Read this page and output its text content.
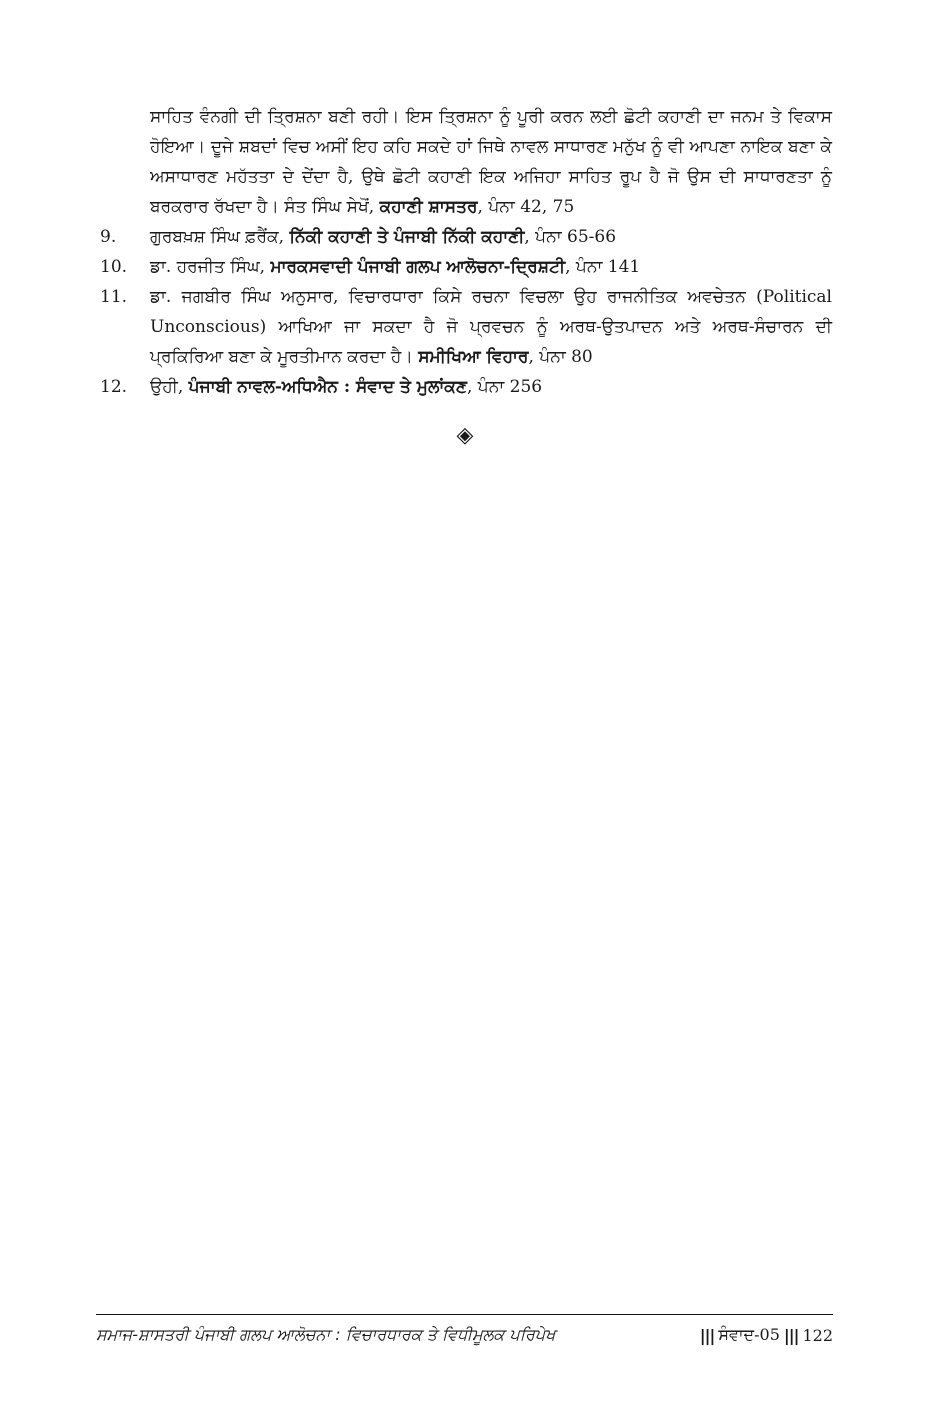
ਸਾਹਿਤ ਵੰਨਗੀ ਦੀ ਤ੍ਰਿਸ਼ਨਾ ਬਣੀ ਰਹੀ। ਇਸ ਤ੍ਰਿਸ਼ਨਾ ਨੂੰ ਪੂਰੀ ਕਰਨ ਲਈ ਛੋਟੀ ਕਹਾਣੀ ਦਾ ਜਨਮ ਤੇ ਵਿਕਾਸ ਹੋਇਆ। ਦੂਜੇ ਸ਼ਬਦਾਂ ਵਿਚ ਅਸੀਂ ਇਹ ਕਹਿ ਸਕਦੇ ਹਾਂ ਜਿਥੇ ਨਾਵਲ ਸਾਧਾਰਣ ਮਨੁੱਖ ਨੂੰ ਵੀ ਆਪਣਾ ਨਾਇਕ ਬਣਾ ਕੇ ਅਸਾਧਾਰਣ ਮਹੱਤਤਾ ਦੇ ਦੇਂਦਾ ਹੈ, ਉਥੇ ਛੋਟੀ ਕਹਾਣੀ ਇਕ ਅਜਿਹਾ ਸਾਹਿਤ ਰੂਪ ਹੈ ਜੋ ਉਸ ਦੀ ਸਾਧਾਰਣਤਾ ਨੂੰ ਬਰਕਰਾਰ ਰੱਖਦਾ ਹੈ। ਸੰਤ ਸਿੰਘ ਸੇਖੋਂ, ਕਹਾਣੀ ਸ਼ਾਸਤਰ, ਪੰਨਾ 42, 75
9.	ਗੁਰਬਖ਼ਸ਼ ਸਿੰਘ ਫ਼ਰੈਂਕ, ਨਿੱਕੀ ਕਹਾਣੀ ਤੇ ਪੰਜਾਬੀ ਨਿੱਕੀ ਕਹਾਣੀ, ਪੰਨਾ 65-66
10.	ਡਾ. ਹਰਜੀਤ ਸਿੰਘ, ਮਾਰਕਸਵਾਦੀ ਪੰਜਾਬੀ ਗਲਪ ਆਲੋਚਨਾ-ਦ੍ਰਿਸ਼ਟੀ, ਪੰਨਾ 141
11.	ਡਾ. ਜਗਬੀਰ ਸਿੰਘ ਅਨੁਸਾਰ, ਵਿਚਾਰਧਾਰਾ ਕਿਸੇ ਰਚਨਾ ਵਿਚਲਾ ਉਹ ਰਾਜਨੀਤਿਕ ਅਵਚੇਤਨ (Political Unconscious) ਆਖਿਆ ਜਾ ਸਕਦਾ ਹੈ ਜੋ ਪ੍ਰਵਚਨ ਨੂੰ ਅਰਥ-ਉਤਪਾਦਨ ਅਤੇ ਅਰਥ-ਸੰਚਾਰਨ ਦੀ ਪ੍ਰਕਿਰਿਆ ਬਣਾ ਕੇ ਮੂਰਤੀਮਾਨ ਕਰਦਾ ਹੈ। ਸਮੀਖਿਆ ਵਿਹਾਰ, ਪੰਨਾ 80
12.	ਉਹੀ, ਪੰਜਾਬੀ ਨਾਵਲ-ਅਧਿਐਨ : ਸੰਵਾਦ ਤੇ ਮੁਲਾਂਕਣ, ਪੰਨਾ 256
◈
ਸਮਾਜ-ਸ਼ਾਸਤਰੀ ਪੰਜਾਬੀ ਗਲਪ ਆਲੋਚਨਾ : ਵਿਚਾਰਧਾਰਕ ਤੇ ਵਿਧੀਮੂਲਕ ਪਰਿਪੇਖ	||| ਸੰਵਾਦ-05 ||| 122
